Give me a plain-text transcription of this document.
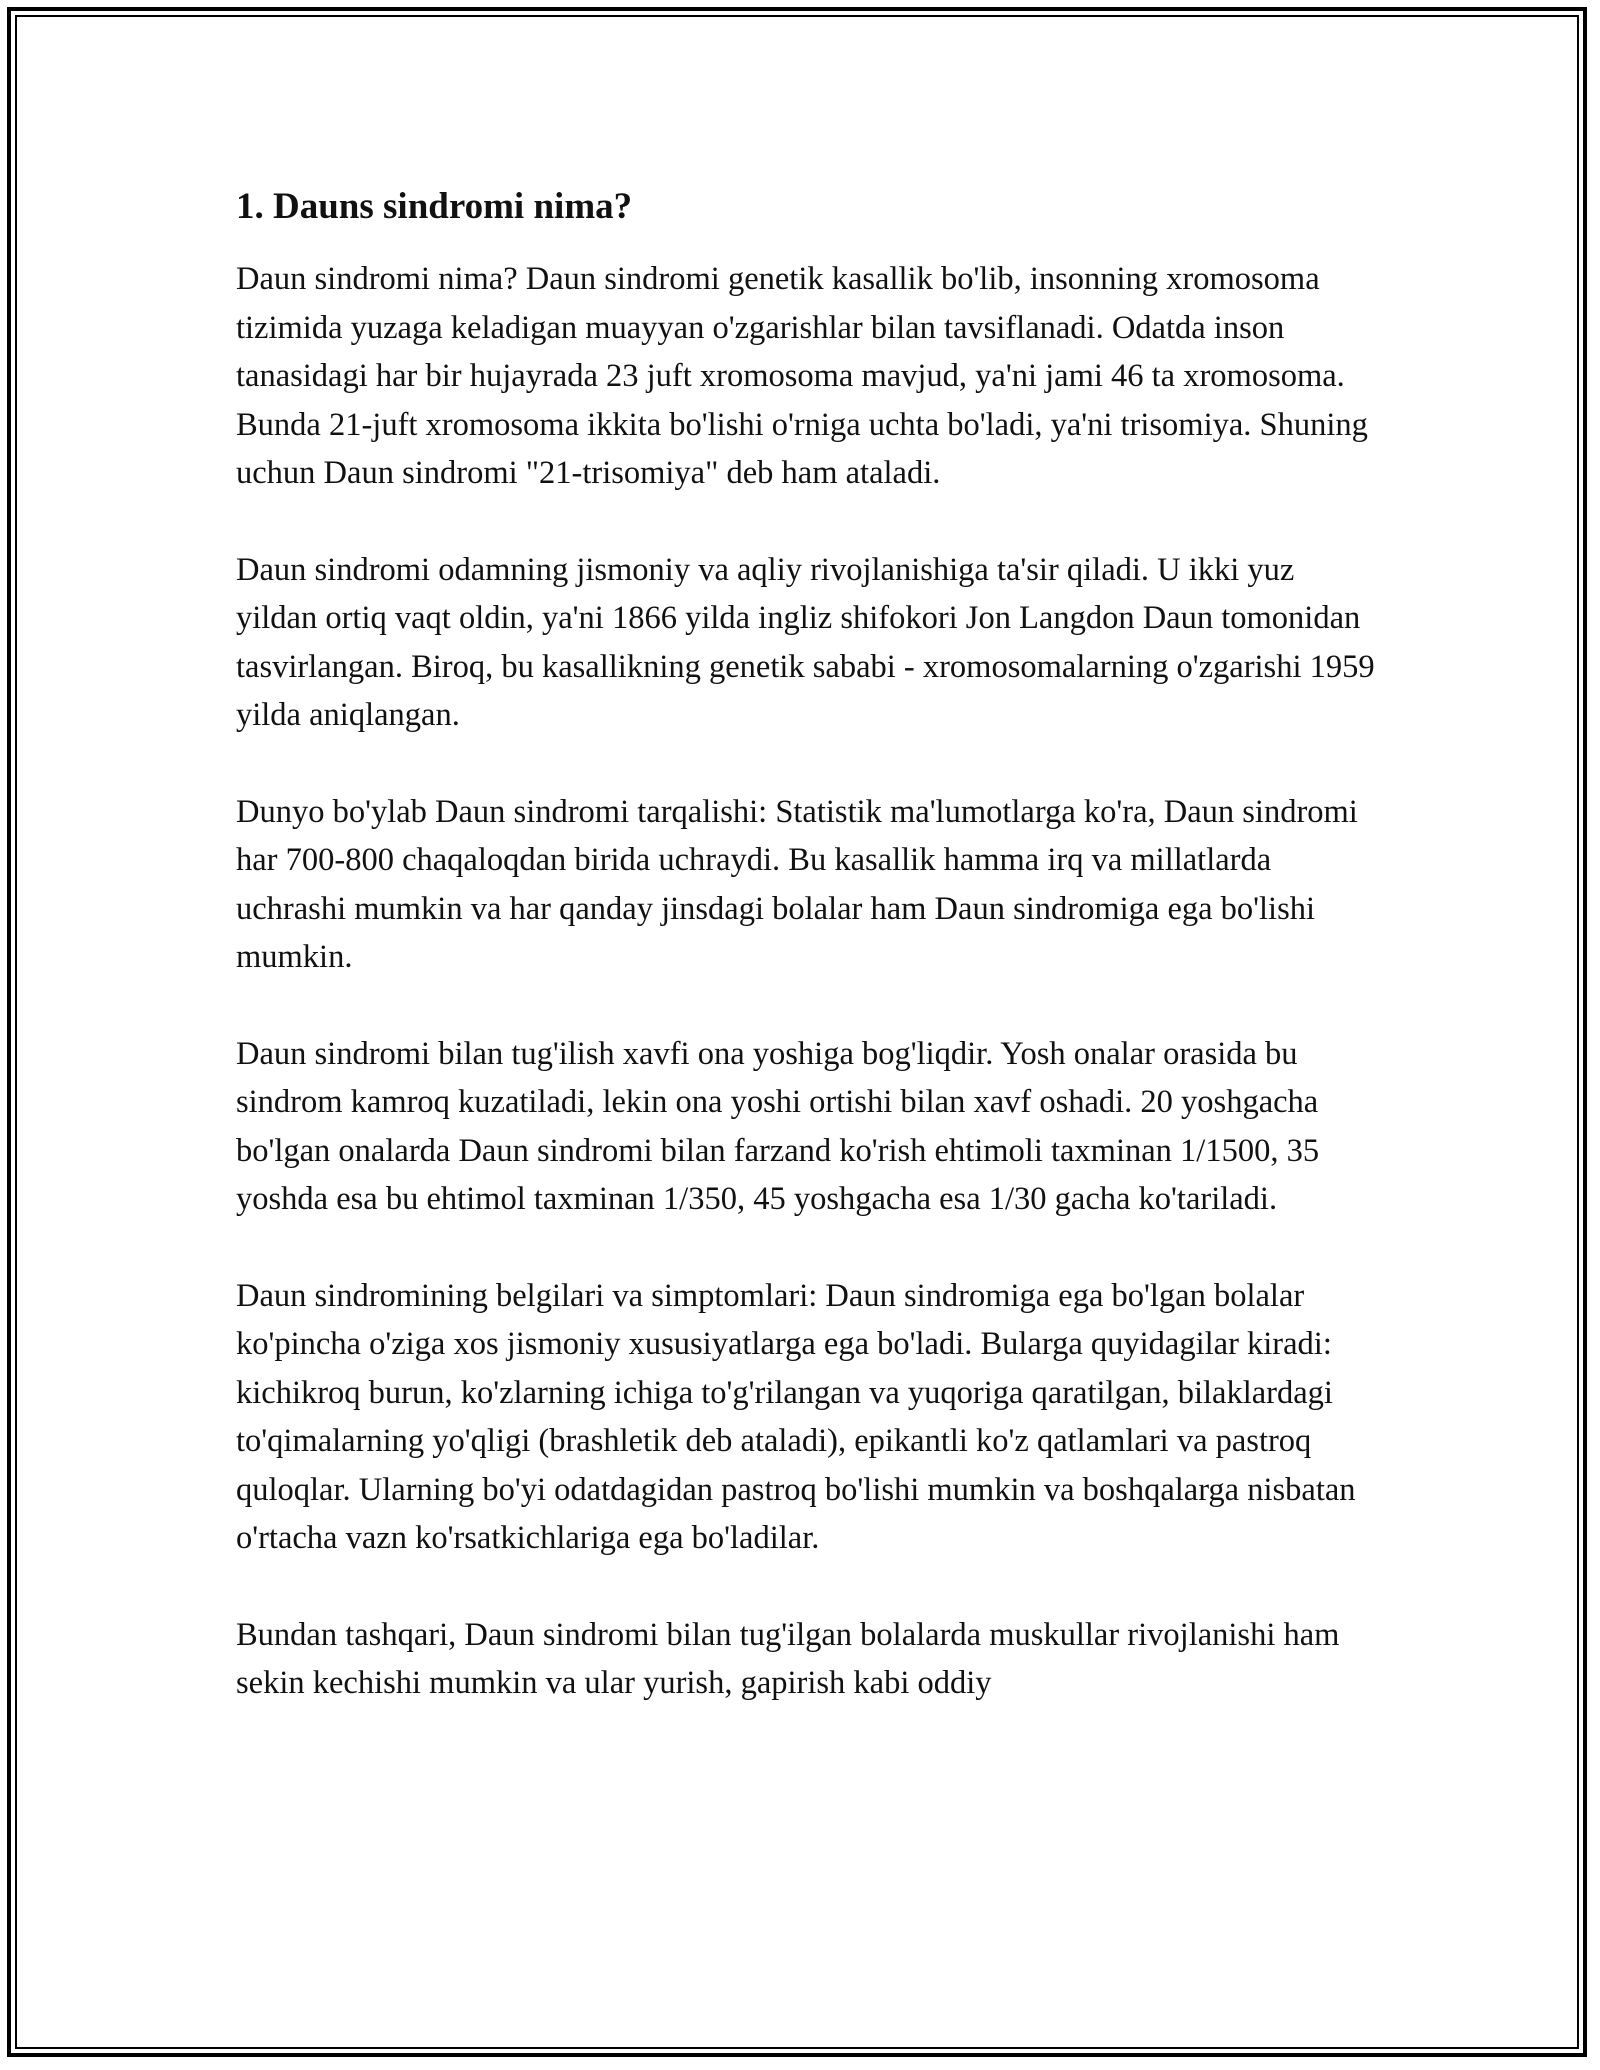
1. Dauns sindromi nima?

Daun sindromi nima? Daun sindromi genetik kasallik bo'lib, insonning xromosoma tizimida yuzaga keladigan muayyan o'zgarishlar bilan tavsiflanadi. Odatda inson tanasidagi har bir hujayrada 23 juft xromosoma mavjud, ya'ni jami 46 ta xromosoma. Bunda 21-juft xromosoma ikkita bo'lishi o'rniga uchta bo'ladi, ya'ni trisomiya. Shuning uchun Daun sindromi "21-trisomiya" deb ham ataladi.

Daun sindromi odamning jismoniy va aqliy rivojlanishiga ta'sir qiladi. U ikki yuz yildan ortiq vaqt oldin, ya'ni 1866 yilda ingliz shifokori Jon Langdon Daun tomonidan tasvirlangan. Biroq, bu kasallikning genetik sababi - xromosomalarning o'zgarishi 1959 yilda aniqlangan.

Dunyo bo'ylab Daun sindromi tarqalishi: Statistik ma'lumotlarga ko'ra, Daun sindromi har 700-800 chaqaloqdan birida uchraydi. Bu kasallik hamma irq va millatlarda uchrashi mumkin va har qanday jinsdagi bolalar ham Daun sindromiga ega bo'lishi mumkin.

Daun sindromi bilan tug'ilish xavfi ona yoshiga bog'liqdir. Yosh onalar orasida bu sindrom kamroq kuzatiladi, lekin ona yoshi ortishi bilan xavf oshadi. 20 yoshgacha bo'lgan onalarda Daun sindromi bilan farzand ko'rish ehtimoli taxminan 1/1500, 35 yoshda esa bu ehtimol taxminan 1/350, 45 yoshgacha esa 1/30 gacha ko'tariladi.

Daun sindromining belgilari va simptomlari: Daun sindromiga ega bo'lgan bolalar ko'pincha o'ziga xos jismoniy xususiyatlarga ega bo'ladi. Bularga quyidagilar kiradi: kichikroq burun, ko'zlarning ichiga to'g'rilangan va yuqoriga qaratilgan, bilaklardagi to'qimalarning yo'qligi (brashletik deb ataladi), epikantli ko'z qatlamlari va pastroq quloqlar. Ularning bo'yi odatdagidan pastroq bo'lishi mumkin va boshqalarga nisbatan o'rtacha vazn ko'rsatkichlariga ega bo'ladilar.

Bundan tashqari, Daun sindromi bilan tug'ilgan bolalarda muskullar rivojlanishi ham sekin kechishi mumkin va ular yurish, gapirish kabi oddiy
